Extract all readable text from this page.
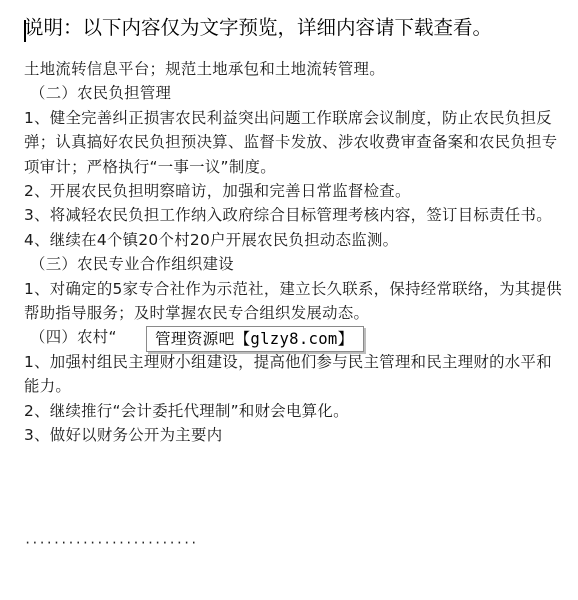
说明：以下内容仅为文字预览，详细内容请下载查看。

土地流转信息平台；规范土地承包和土地流转管理。

（二）农民负担管理

1、健全完善纠正损害农民利益突出问题工作联席会议制度，防止农民负担反弹；认真搞好农民负担预决算、监督卡发放、涉农收费审查备案和农民负担专项审计；严格执行“一事一议”制度。

2、开展农民负担明察暗访，加强和完善日常监督检查。

3、将减轻农民负担工作纳入政府综合目标管理考核内容，签订目标责任书。

4、继续在4个镇20个村20户开展农民负担动态监测。

（三）农民专业合作组织建设

1、对确定的5家专合社作为示范社，建立长久联系，保持经常联络，为其提供帮助指导服务；及时掌握农民专合组织发展动态。

（四）农村“	管理资源吧【glzy8.com】

1、加强村组民主理财小组建设，提高他们参与民主管理和民主理财的水平和能力。

2、继续推行“会计委托代理制”和财会电算化。

3、做好以财务公开为主要内

························
